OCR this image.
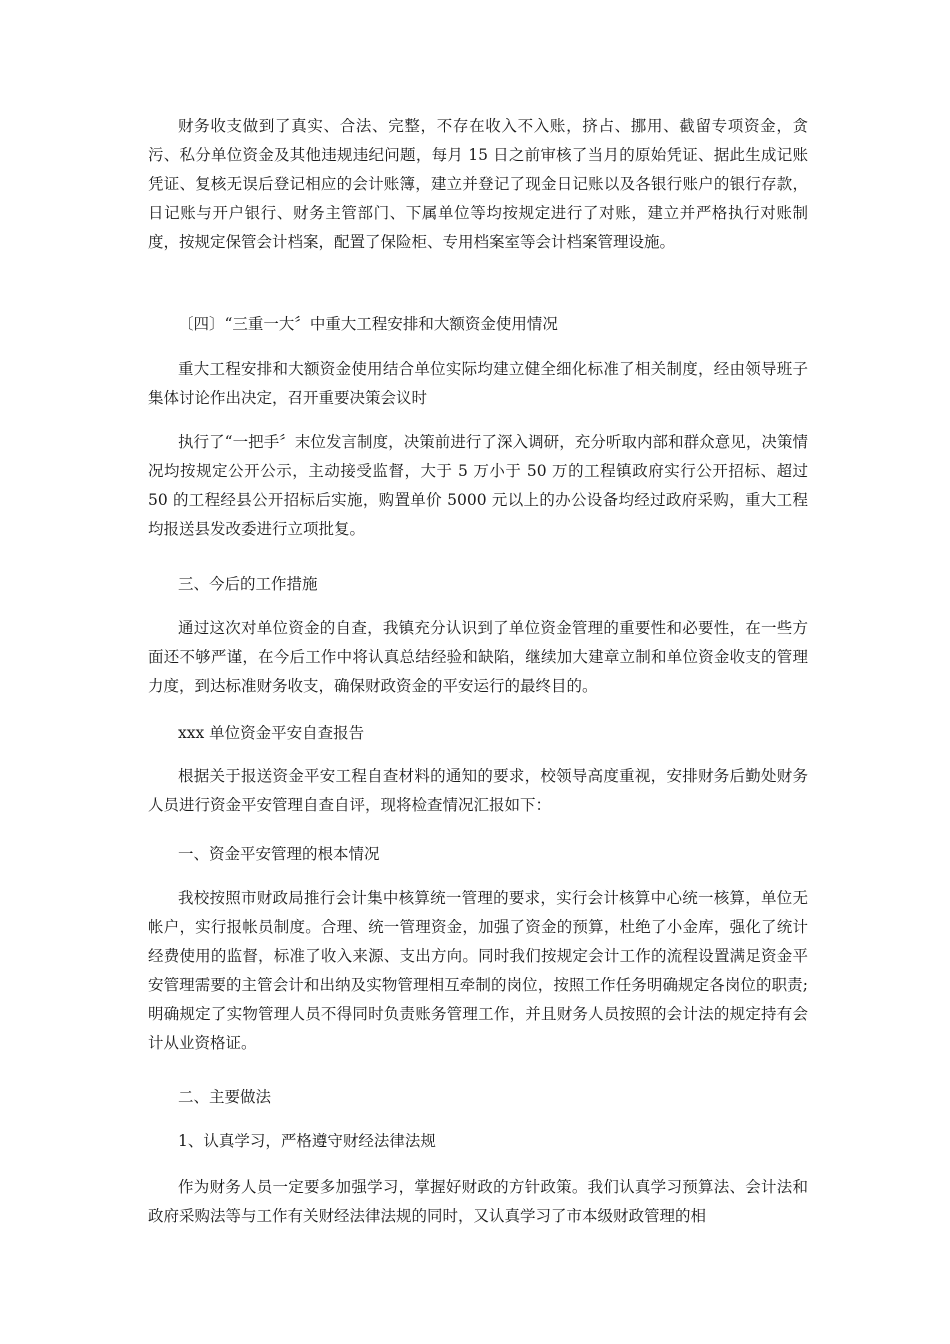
财务收支做到了真实、合法、完整，不存在收入不入账，挤占、挪用、截留专项资金，贪污、私分单位资金及其他违规违纪问题，每月 15 日之前审核了当月的原始凭证、据此生成记账凭证、复核无误后登记相应的会计账簿，建立并登记了现金日记账以及各银行账户的银行存款，日记账与开户银行、财务主管部门、下属单位等均按规定进行了对账，建立并严格执行对账制度，按规定保管会计档案，配置了保险柜、专用档案室等会计档案管理设施。

〔四〕“三重一大〞中重大工程安排和大额资金使用情况

重大工程安排和大额资金使用结合单位实际均建立健全细化标准了相关制度，经由领导班子集体讨论作出决定，召开重要决策会议时

执行了“一把手〞末位发言制度，决策前进行了深入调研，充分听取内部和群众意见，决策情况均按规定公开公示，主动接受监督，大于 5 万小于 50 万的工程镇政府实行公开招标、超过 50 的工程经县公开招标后实施，购置单价 5000 元以上的办公设备均经过政府采购，重大工程均报送县发改委进行立项批复。

三、今后的工作措施

通过这次对单位资金的自查，我镇充分认识到了单位资金管理的重要性和必要性，在一些方面还不够严谨，在今后工作中将认真总结经验和缺陷，继续加大建章立制和单位资金收支的管理力度，到达标准财务收支，确保财政资金的平安运行的最终目的。

xxx 单位资金平安自查报告

根据关于报送资金平安工程自查材料的通知的要求，校领导高度重视，安排财务后勤处财务人员进行资金平安管理自查自评，现将检查情况汇报如下：

一、资金平安管理的根本情况

我校按照市财政局推行会计集中核算统一管理的要求，实行会计核算中心统一核算，单位无帐户，实行报帐员制度。合理、统一管理资金，加强了资金的预算，杜绝了小金库，强化了统计经费使用的监督，标准了收入来源、支出方向。同时我们按规定会计工作的流程设置满足资金平安管理需要的主管会计和出纳及实物管理相互牵制的岗位，按照工作任务明确规定各岗位的职责;明确规定了实物管理人员不得同时负责账务管理工作，并且财务人员按照的会计法的规定持有会计从业资格证。

二、主要做法

1、认真学习，严格遵守财经法律法规

作为财务人员一定要多加强学习，掌握好财政的方针政策。我们认真学习预算法、会计法和政府采购法等与工作有关财经法律法规的同时，又认真学习了市本级财政管理的相
